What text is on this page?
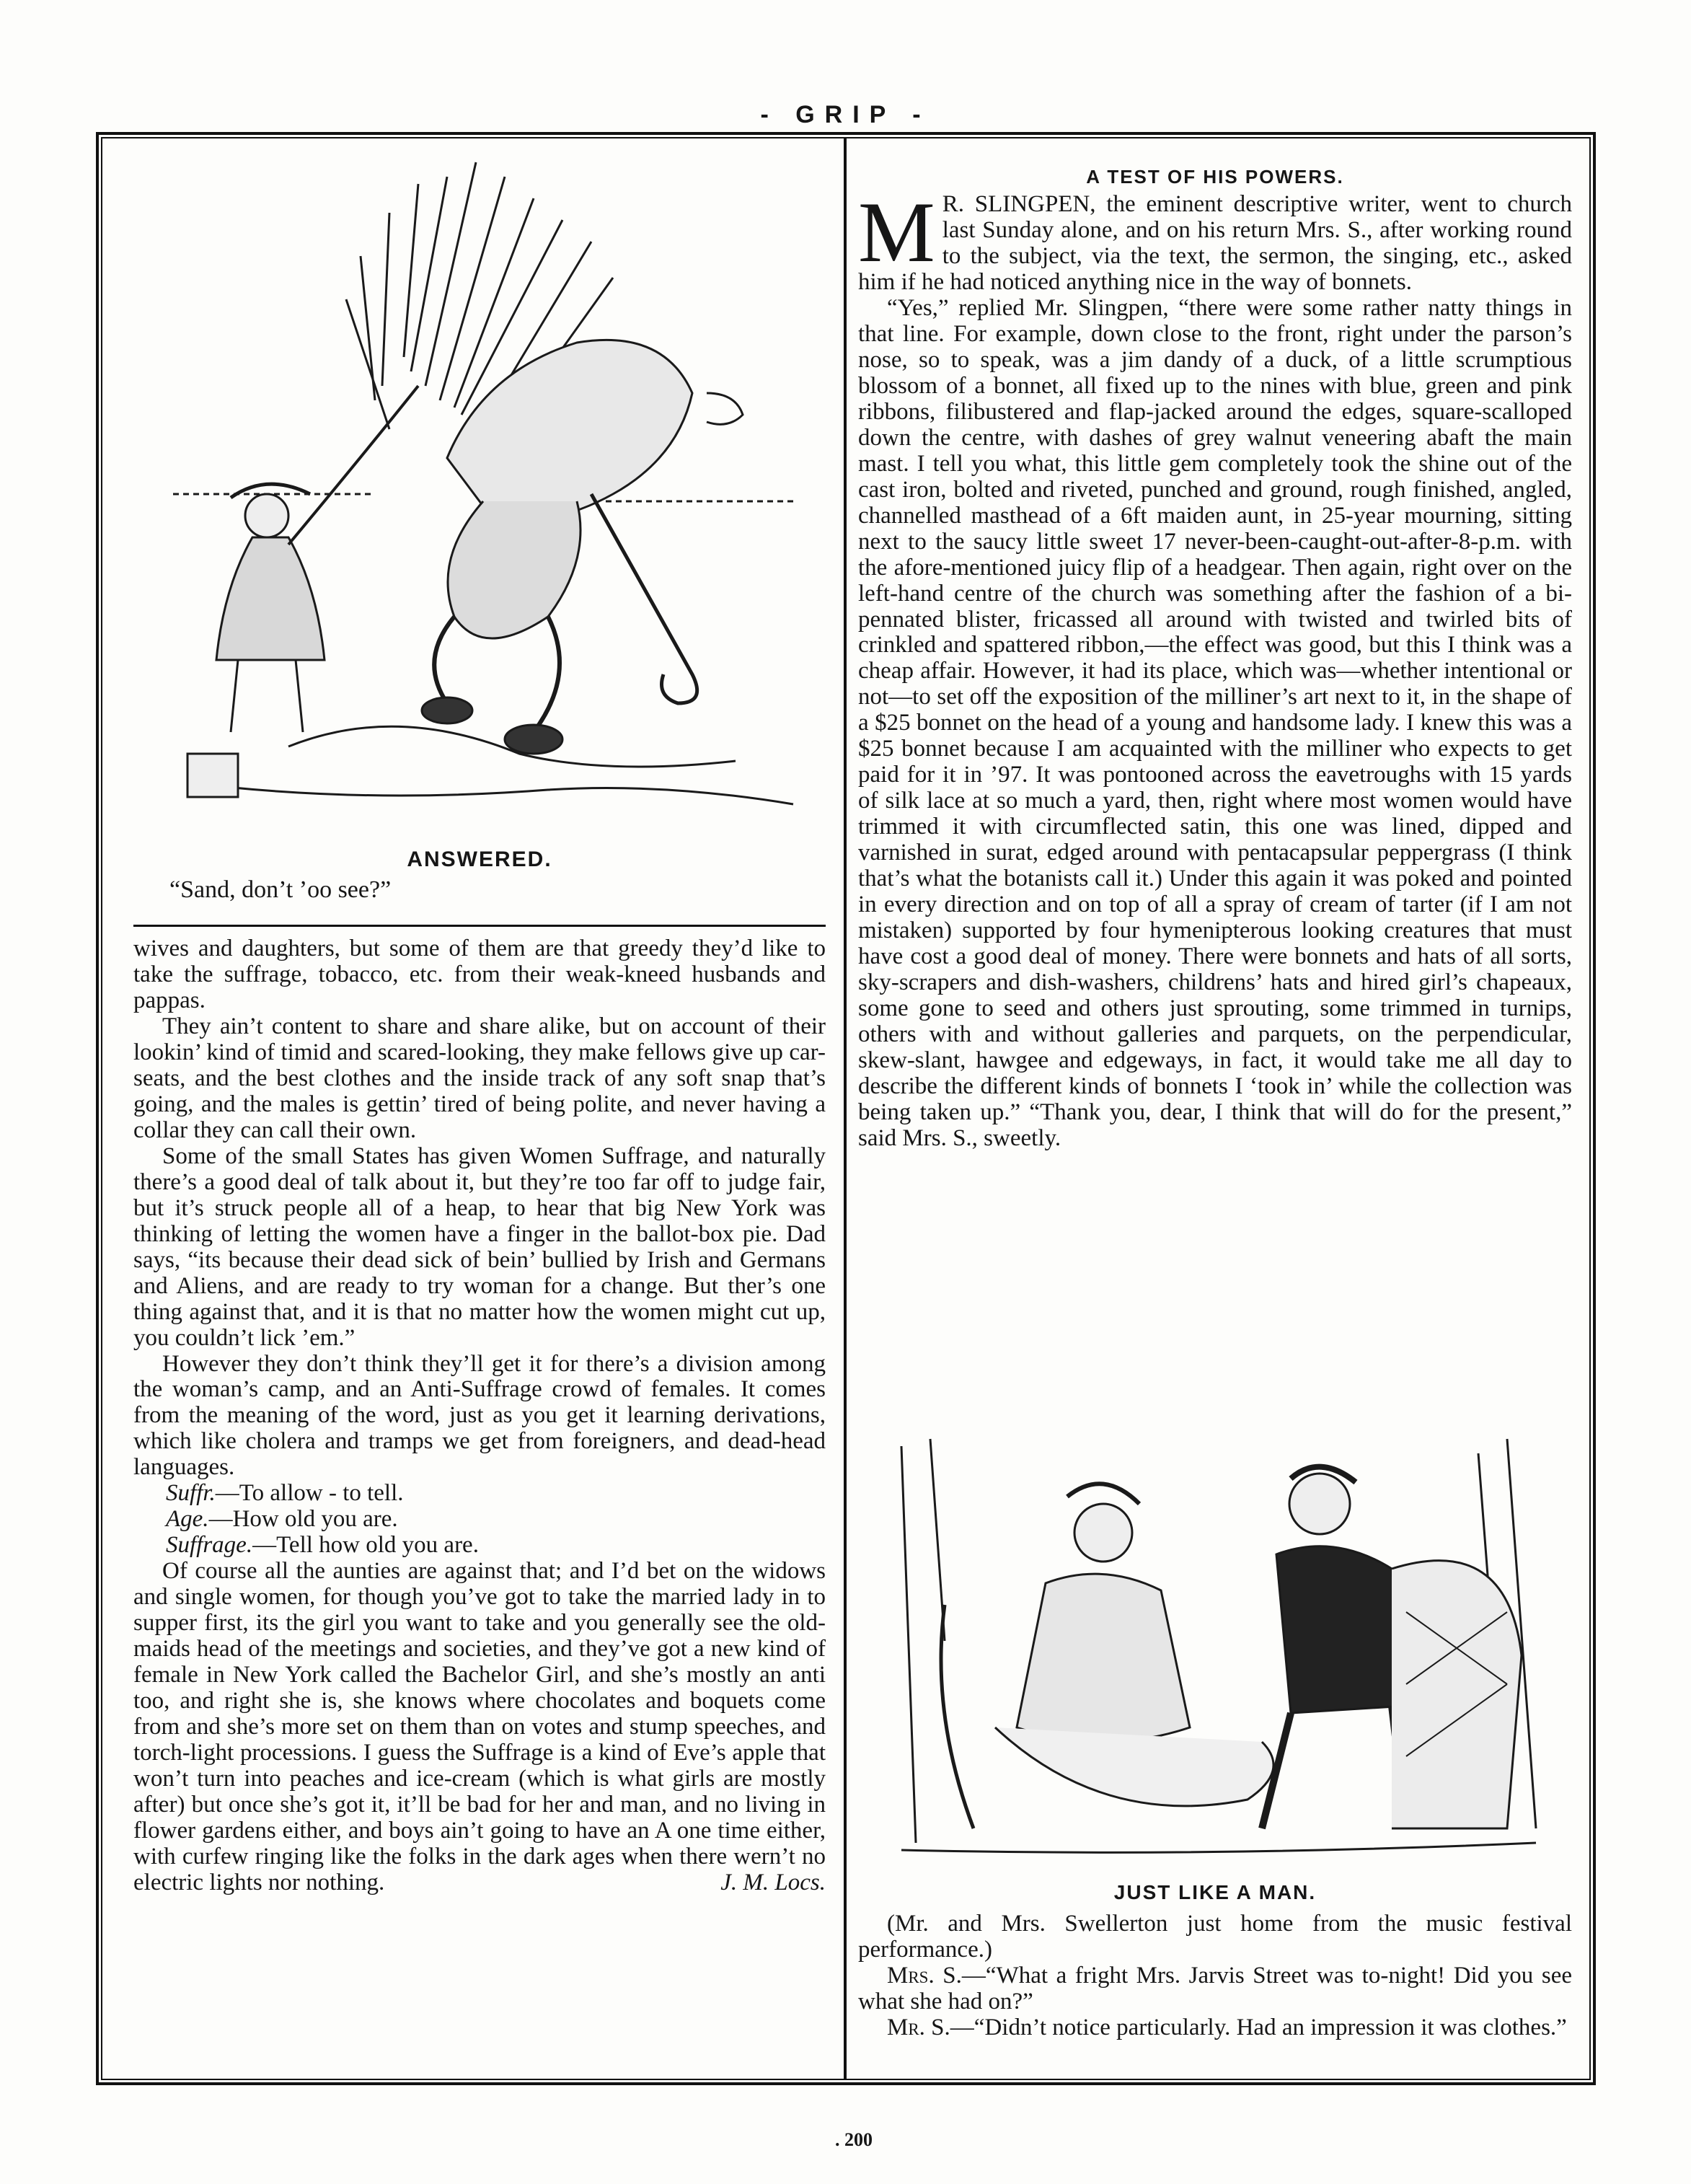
- GRIP -
ANSWERED.
“Sand, don’t ’oo see?”

wives and daughters, but some of them are that greedy they’d like to take the suffrage, tobacco, etc. from their weak-kneed husbands and pappas.

They ain’t content to share and share alike, but on account of their lookin’ kind of timid and scared-looking, they make fellows give up car-seats, and the best clothes and the inside track of any soft snap that’s going, and the males is gettin’ tired of being polite, and never having a collar they can call their own.

Some of the small States has given Women Suffrage, and naturally there’s a good deal of talk about it, but they’re too far off to judge fair, but it’s struck people all of a heap, to hear that big New York was thinking of letting the women have a finger in the ballot-box pie. Dad says, “its because their dead sick of bein’ bullied by Irish and Germans and Aliens, and are ready to try woman for a change. But ther’s one thing against that, and it is that no matter how the women might cut up, you couldn’t lick ’em.”

However they don’t think they’ll get it for there’s a division among the woman’s camp, and an Anti-Suffrage crowd of females. It comes from the meaning of the word, just as you get it learning derivations, which like cholera and tramps we get from foreigners, and dead-head languages.

Suffr.—To allow - to tell.

Age.—How old you are.

Suffrage.—Tell how old you are.

Of course all the aunties are against that; and I’d bet on the widows and single women, for though you’ve got to take the married lady in to supper first, its the girl you want to take and you generally see the old-maids head of the meetings and societies, and they’ve got a new kind of female in New York called the Bachelor Girl, and she’s mostly an anti too, and right she is, she knows where chocolates and boquets come from and she’s more set on them than on votes and stump speeches, and torch-light processions. I guess the Suffrage is a kind of Eve’s apple that won’t turn into peaches and ice-cream (which is what girls are mostly after) but once she’s got it, it’ll be bad for her and man, and no living in flower gardens either, and boys ain’t going to have an A one time either, with curfew ringing like the folks in the dark ages when there wern’t no electric lights nor nothing.	J. M. Locs.

A TEST OF HIS POWERS.

M R. SLINGPEN, the eminent descriptive writer, went to church last Sunday alone, and on his return Mrs. S., after working round to the subject, via the text, the sermon, the singing, etc., asked him if he had noticed anything nice in the way of bonnets.

“Yes,” replied Mr. Slingpen, “there were some rather natty things in that line. For example, down close to the front, right under the parson’s nose, so to speak, was a jim dandy of a duck, of a little scrumptious blossom of a bonnet, all fixed up to the nines with blue, green and pink ribbons, filibustered and flap-jacked around the edges, square-scalloped down the centre, with dashes of grey walnut veneering abaft the main mast. I tell you what, this little gem completely took the shine out of the cast iron, bolted and riveted, punched and ground, rough finished, angled, channelled masthead of a 6ft maiden aunt, in 25-year mourning, sitting next to the saucy little sweet 17 never-been-caught-out-after-8-p.m. with the afore-mentioned juicy flip of a headgear. Then again, right over on the left-hand centre of the church was something after the fashion of a bi-pennated blister, fricassed all around with twisted and twirled bits of crinkled and spattered ribbon,—the effect was good, but this I think was a cheap affair. However, it had its place, which was—whether intentional or not—to set off the exposition of the milliner’s art next to it, in the shape of a $25 bonnet on the head of a young and handsome lady. I knew this was a $25 bonnet because I am acquainted with the milliner who expects to get paid for it in ’97. It was pontooned across the eavetroughs with 15 yards of silk lace at so much a yard, then, right where most women would have trimmed it with circumflected satin, this one was lined, dipped and varnished in surat, edged around with pentacapsular peppergrass (I think that’s what the botanists call it.) Under this again it was poked and pointed in every direction and on top of all a spray of cream of tarter (if I am not mistaken) supported by four hymenipterous looking creatures that must have cost a good deal of money. There were bonnets and hats of all sorts, sky-scrapers and dish-washers, childrens’ hats and hired girl’s chapeaux, some gone to seed and others just sprouting, some trimmed in turnips, others with and without galleries and parquets, on the perpendicular, skew-slant, hawgee and edgeways, in fact, it would take me all day to describe the different kinds of bonnets I ‘took in’ while the collection was being taken up.” “Thank you, dear, I think that will do for the present,” said Mrs. S., sweetly.

JUST LIKE A MAN.

(Mr. and Mrs. Swellerton just home from the music festival performance.)

Mrs. S.—“What a fright Mrs. Jarvis Street was to-night! Did you see what she had on?”

Mr. S.—“Didn’t notice particularly. Had an impression it was clothes.”

. 200
